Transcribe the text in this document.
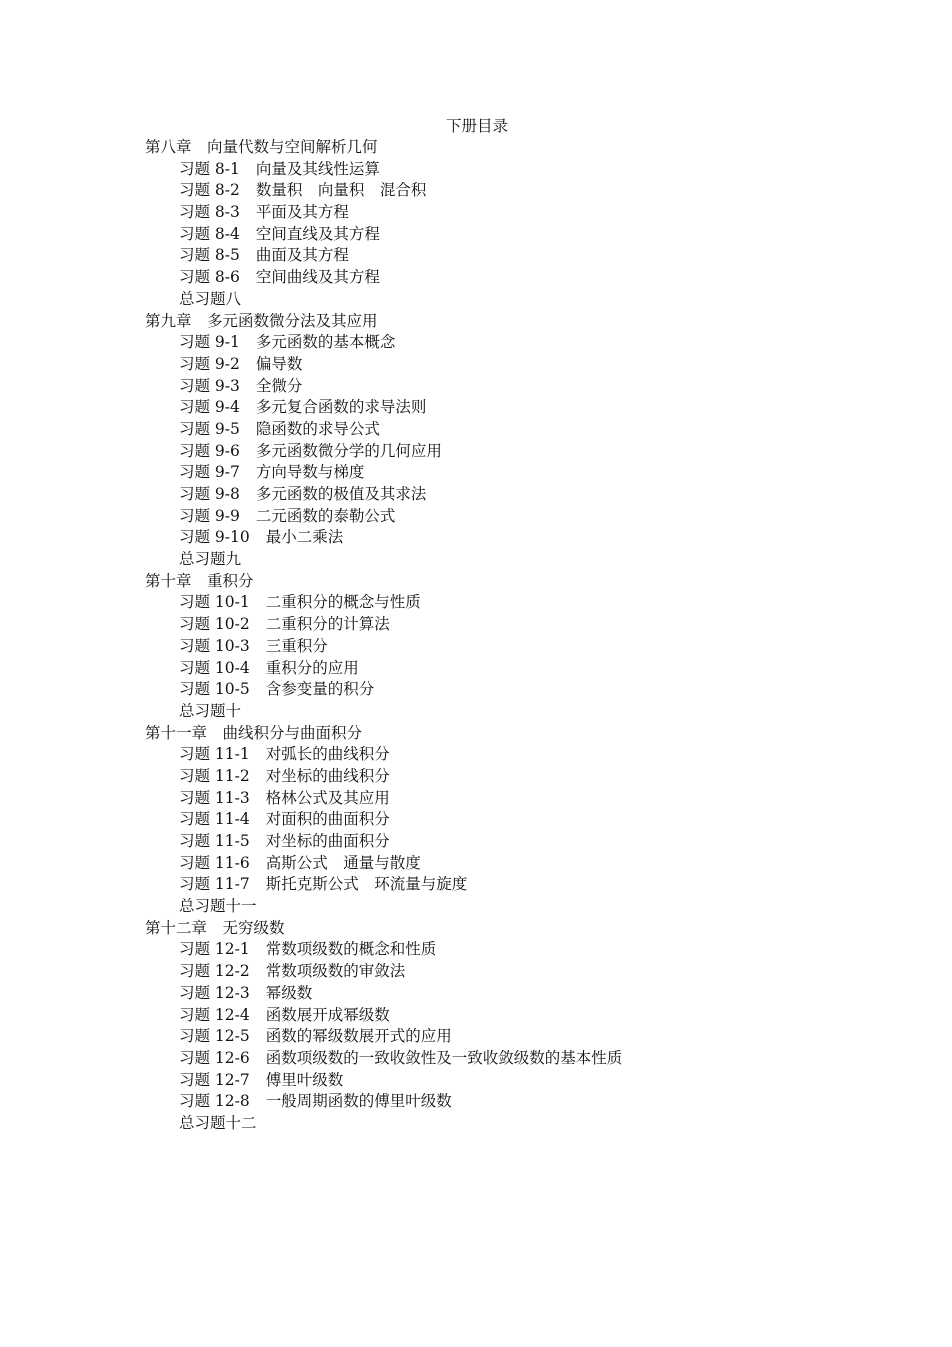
下册目录
第八章　向量代数与空间解析几何
习题 8-1 向量及其线性运算
习题 8-2 数量积　向量积　混合积
习题 8-3 平面及其方程
习题 8-4 空间直线及其方程
习题 8-5 曲面及其方程
习题 8-6 空间曲线及其方程
总习题八
第九章　多元函数微分法及其应用
习题 9-1 多元函数的基本概念
习题 9-2 偏导数
习题 9-3 全微分
习题 9-4 多元复合函数的求导法则
习题 9-5 隐函数的求导公式
习题 9-6 多元函数微分学的几何应用
习题 9-7 方向导数与梯度
习题 9-8 多元函数的极值及其求法
习题 9-9 二元函数的泰勒公式
习题 9-10 最小二乘法
总习题九
第十章　重积分
习题 10-1 二重积分的概念与性质
习题 10-2 二重积分的计算法
习题 10-3 三重积分
习题 10-4 重积分的应用
习题 10-5 含参变量的积分
总习题十
第十一章　曲线积分与曲面积分
习题 11-1 对弧长的曲线积分
习题 11-2 对坐标的曲线积分
习题 11-3 格林公式及其应用
习题 11-4 对面积的曲面积分
习题 11-5 对坐标的曲面积分
习题 11-6 高斯公式　通量与散度
习题 11-7 斯托克斯公式　环流量与旋度
总习题十一
第十二章　无穷级数
习题 12-1 常数项级数的概念和性质
习题 12-2 常数项级数的审敛法
习题 12-3 幂级数
习题 12-4 函数展开成幂级数
习题 12-5 函数的幂级数展开式的应用
习题 12-6 函数项级数的一致收敛性及一致收敛级数的基本性质
习题 12-7 傅里叶级数
习题 12-8 一般周期函数的傅里叶级数
总习题十二
